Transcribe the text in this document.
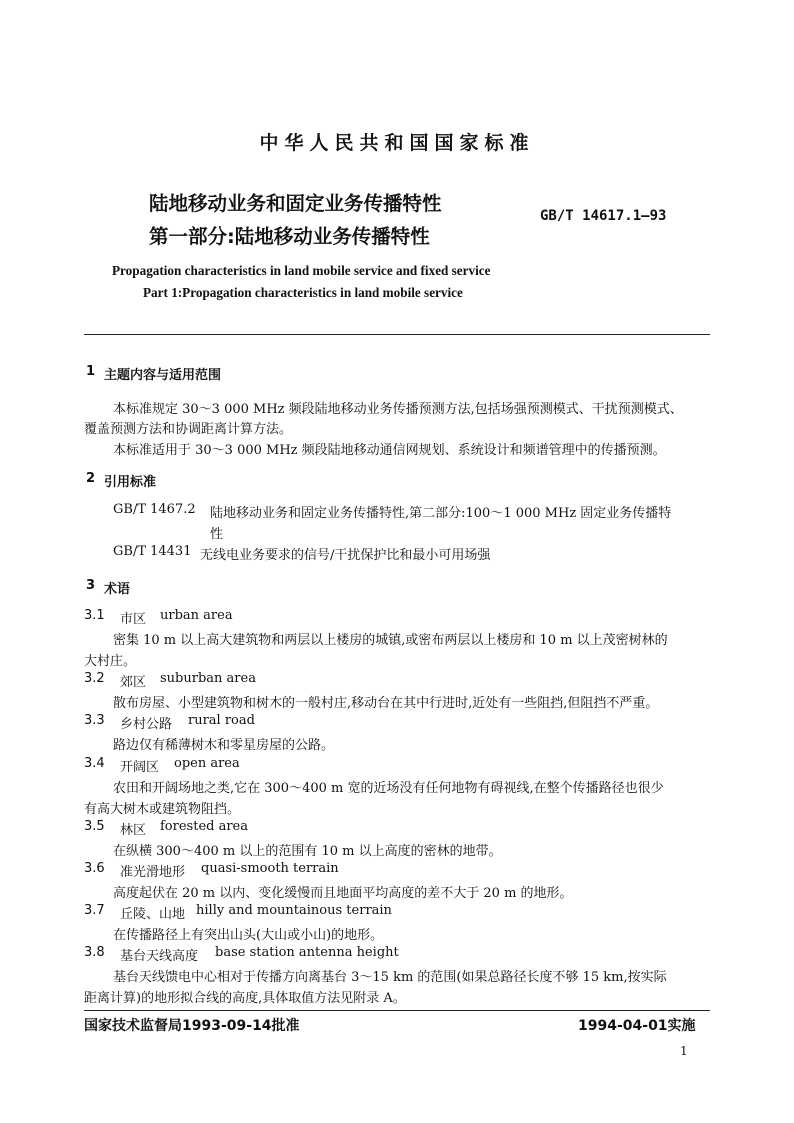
中华人民共和国国家标准
陆地移动业务和固定业务传播特性
第一部分:陆地移动业务传播特性
GB/T 14617.1—93
Propagation characteristics in land mobile service and fixed service
Part 1:Propagation characteristics in land mobile service
1 主题内容与适用范围
本标准规定 30～3 000 MHz 频段陆地移动业务传播预测方法,包括场强预测模式、干扰预测模式、
覆盖预测方法和协调距离计算方法。
本标准适用于 30～3 000 MHz 频段陆地移动通信网规划、系统设计和频谱管理中的传播预测。
2 引用标准
GB/T 1467.2 陆地移动业务和固定业务传播特性,第二部分:100～1 000 MHz 固定业务传播特
性
GB/T 14431 无线电业务要求的信号/干扰保护比和最小可用场强
3 术语
3.1 市区 urban area
密集 10 m 以上高大建筑物和两层以上楼房的城镇,或密布两层以上楼房和 10 m 以上茂密树林的
大村庄。
3.2 郊区 suburban area
散布房屋、小型建筑物和树木的一般村庄,移动台在其中行进时,近处有一些阻挡,但阻挡不严重。
3.3 乡村公路 rural road
路边仅有稀薄树木和零星房屋的公路。
3.4 开阔区 open area
农田和开阔场地之类,它在 300～400 m 宽的近场没有任何地物有碍视线,在整个传播路径也很少
有高大树木或建筑物阻挡。
3.5 林区 forested area
在纵横 300～400 m 以上的范围有 10 m 以上高度的密林的地带。
3.6 准光滑地形 quasi-smooth terrain
高度起伏在 20 m 以内、变化缓慢而且地面平均高度的差不大于 20 m 的地形。
3.7 丘陵、山地 hilly and mountainous terrain
在传播路径上有突出山头(大山或小山)的地形。
3.8 基台天线高度 base station antenna height
基台天线馈电中心相对于传播方向离基台 3～15 km 的范围(如果总路径长度不够 15 km,按实际
距离计算)的地形拟合线的高度,具体取值方法见附录 A。
国家技术监督局1993-09-14批准	1994-04-01实施
1
